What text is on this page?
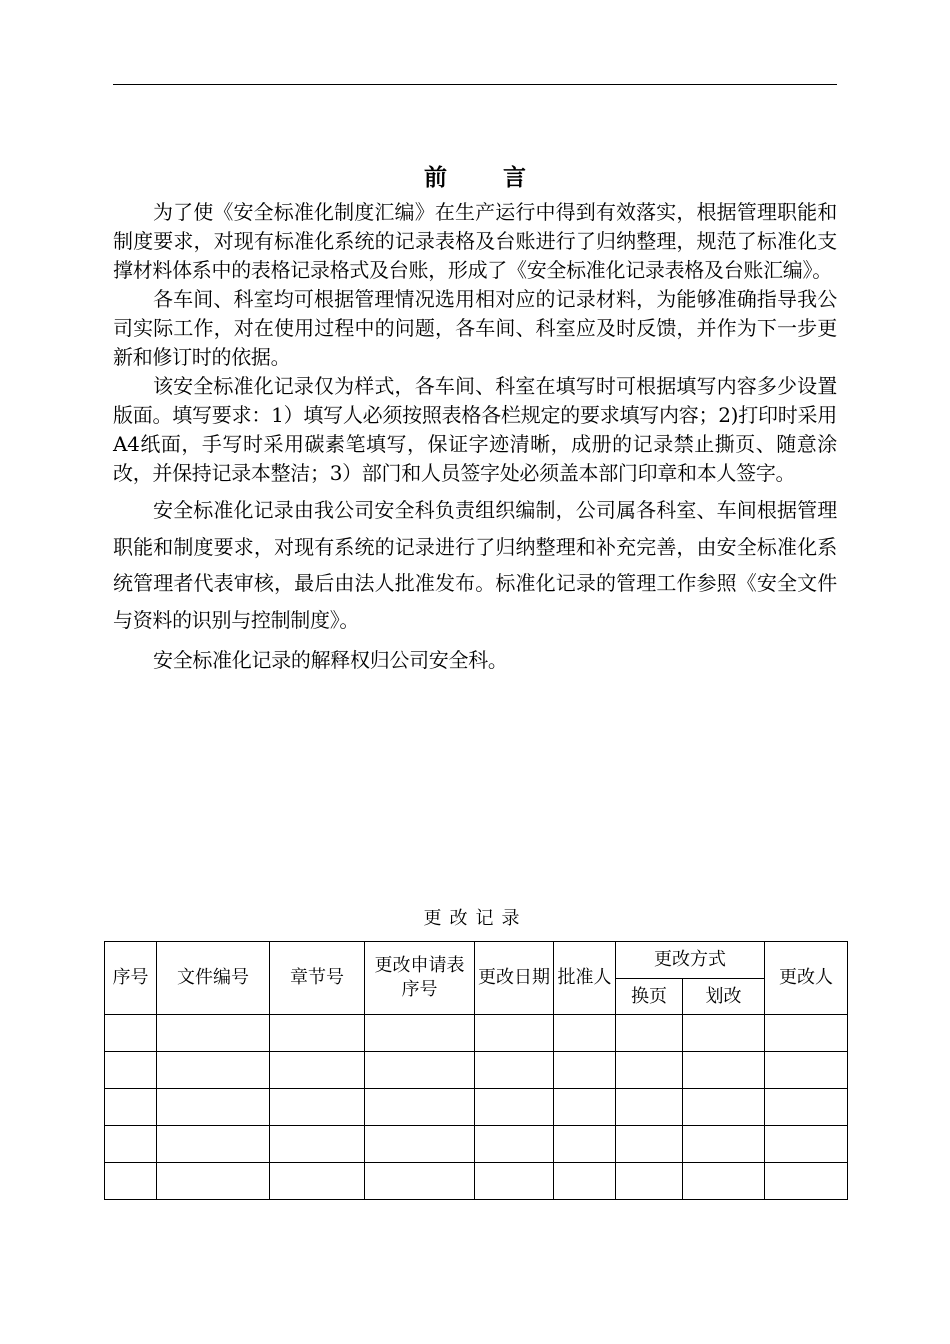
前言

为了使《安全标准化制度汇编》在生产运行中得到有效落实，根据管理职能和制度要求，对现有标准化系统的记录表格及台账进行了归纳整理，规范了标准化支撑材料体系中的表格记录格式及台账，形成了《安全标准化记录表格及台账汇编》。

各车间、科室均可根据管理情况选用相对应的记录材料，为能够准确指导我公司实际工作，对在使用过程中的问题，各车间、科室应及时反馈，并作为下一步更新和修订时的依据。

该安全标准化记录仅为样式，各车间、科室在填写时可根据填写内容多少设置版面。填写要求：1）填写人必须按照表格各栏规定的要求填写内容；2)打印时采用A4纸面，手写时采用碳素笔填写，保证字迹清晰，成册的记录禁止撕页、随意涂改，并保持记录本整洁；3）部门和人员签字处必须盖本部门印章和本人签字。

安全标准化记录由我公司安全科负责组织编制，公司属各科室、车间根据管理职能和制度要求，对现有系统的记录进行了归纳整理和补充完善，由安全标准化系统管理者代表审核，最后由法人批准发布。标准化记录的管理工作参照《安全文件与资料的识别与控制制度》。

安全标准化记录的解释权归公司安全科。

更改记录
序号	文件编号	章节号	更改申请表序号	更改日期	批准人	更改方式		更改人
						换页	划改	
